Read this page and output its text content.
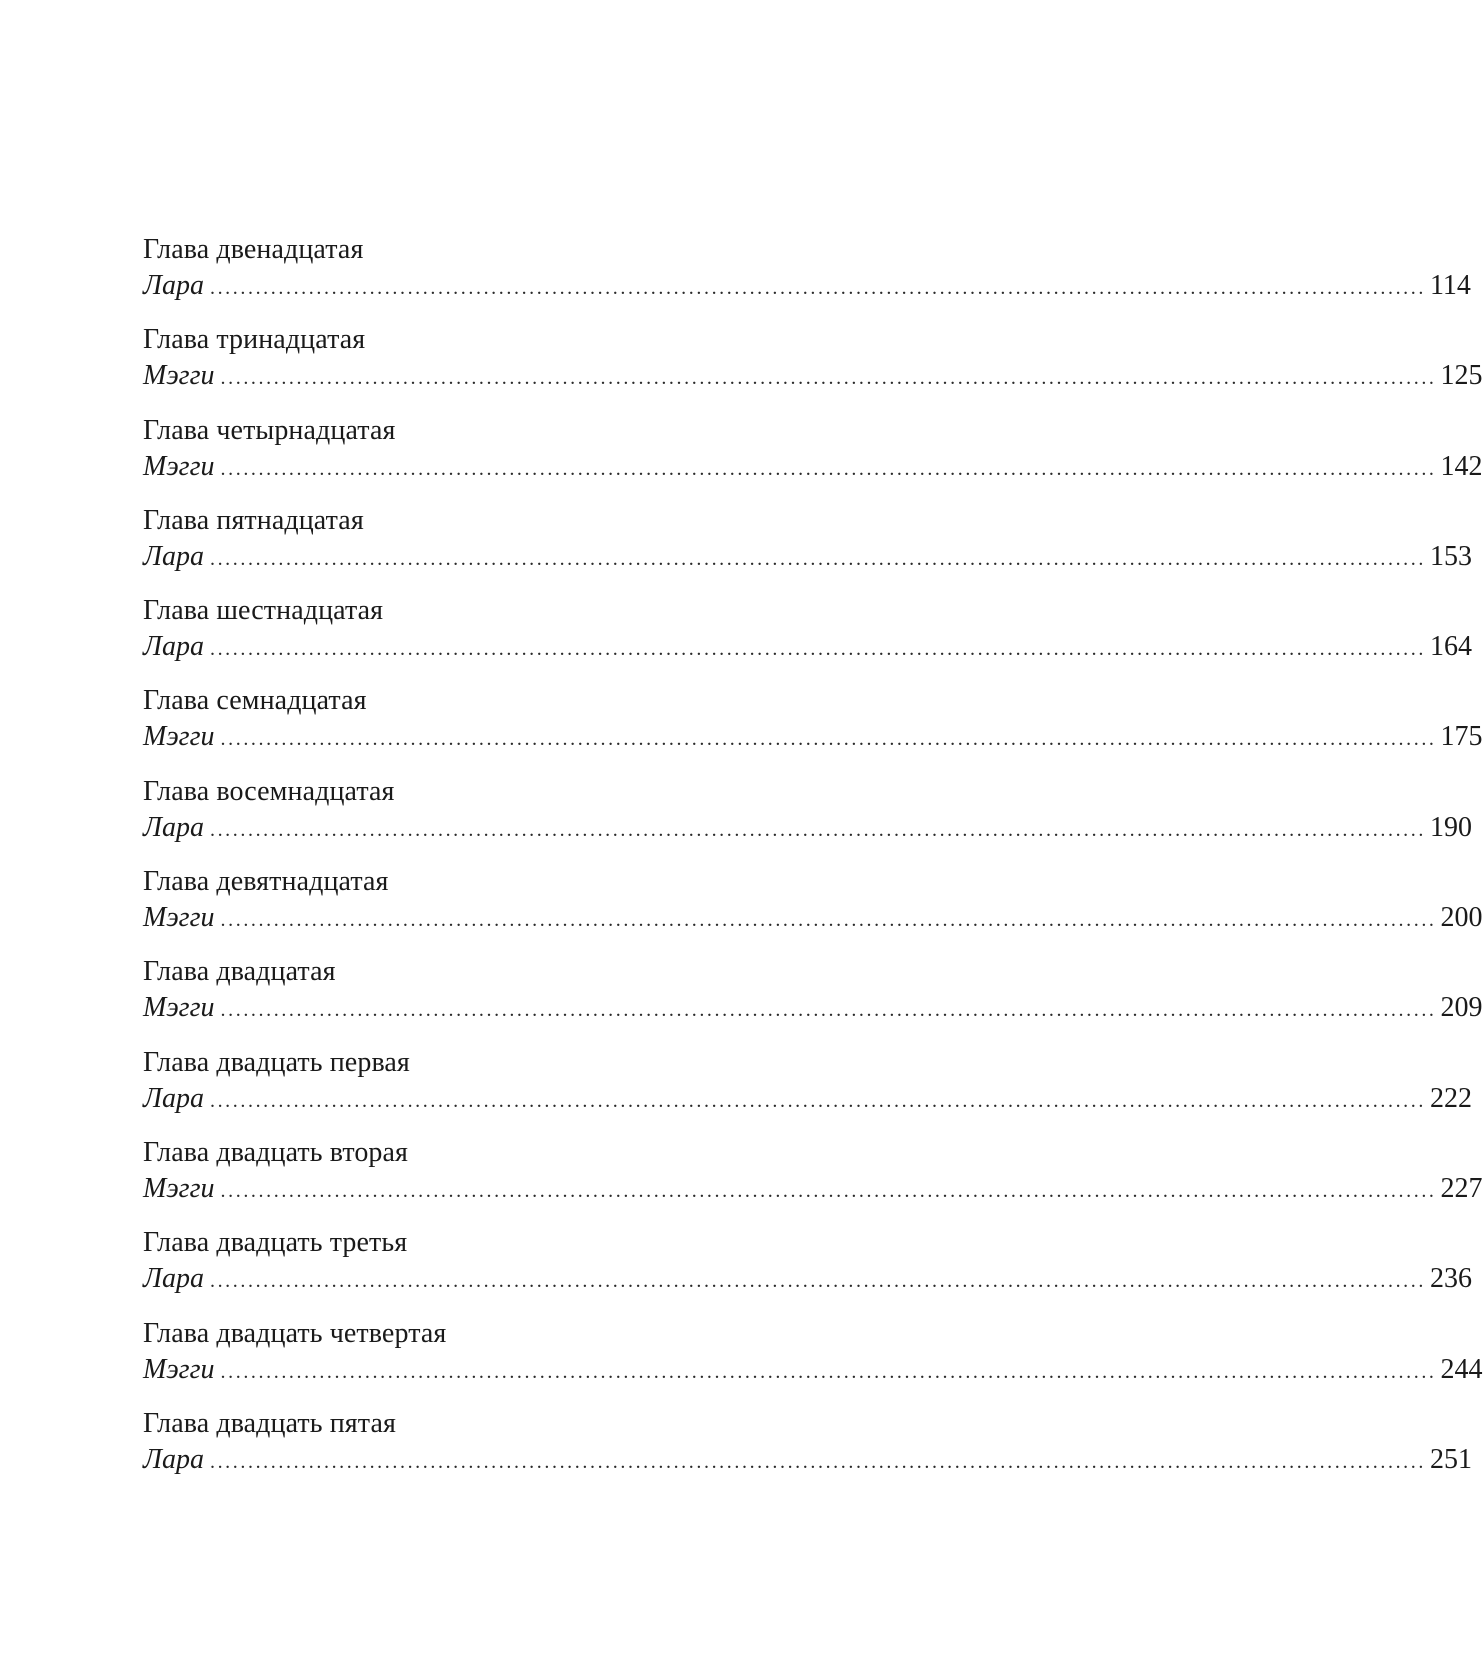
Глава двенадцатая
Лара ................................................................................................................................................................ 114
Глава тринадцатая
Мэгги ................................................................................................................................................................ 125
Глава четырнадцатая
Мэгги ................................................................................................................................................................ 142
Глава пятнадцатая
Лара ................................................................................................................................................................ 153
Глава шестнадцатая
Лара ................................................................................................................................................................ 164
Глава семнадцатая
Мэгги ................................................................................................................................................................ 175
Глава восемнадцатая
Лара ................................................................................................................................................................ 190
Глава девятнадцатая
Мэгги ................................................................................................................................................................ 200
Глава двадцатая
Мэгги ................................................................................................................................................................ 209
Глава двадцать первая
Лара ................................................................................................................................................................ 222
Глава двадцать вторая
Мэгги ................................................................................................................................................................ 227
Глава двадцать третья
Лара ................................................................................................................................................................ 236
Глава двадцать четвертая
Мэгги ................................................................................................................................................................ 244
Глава двадцать пятая
Лара ................................................................................................................................................................ 251
